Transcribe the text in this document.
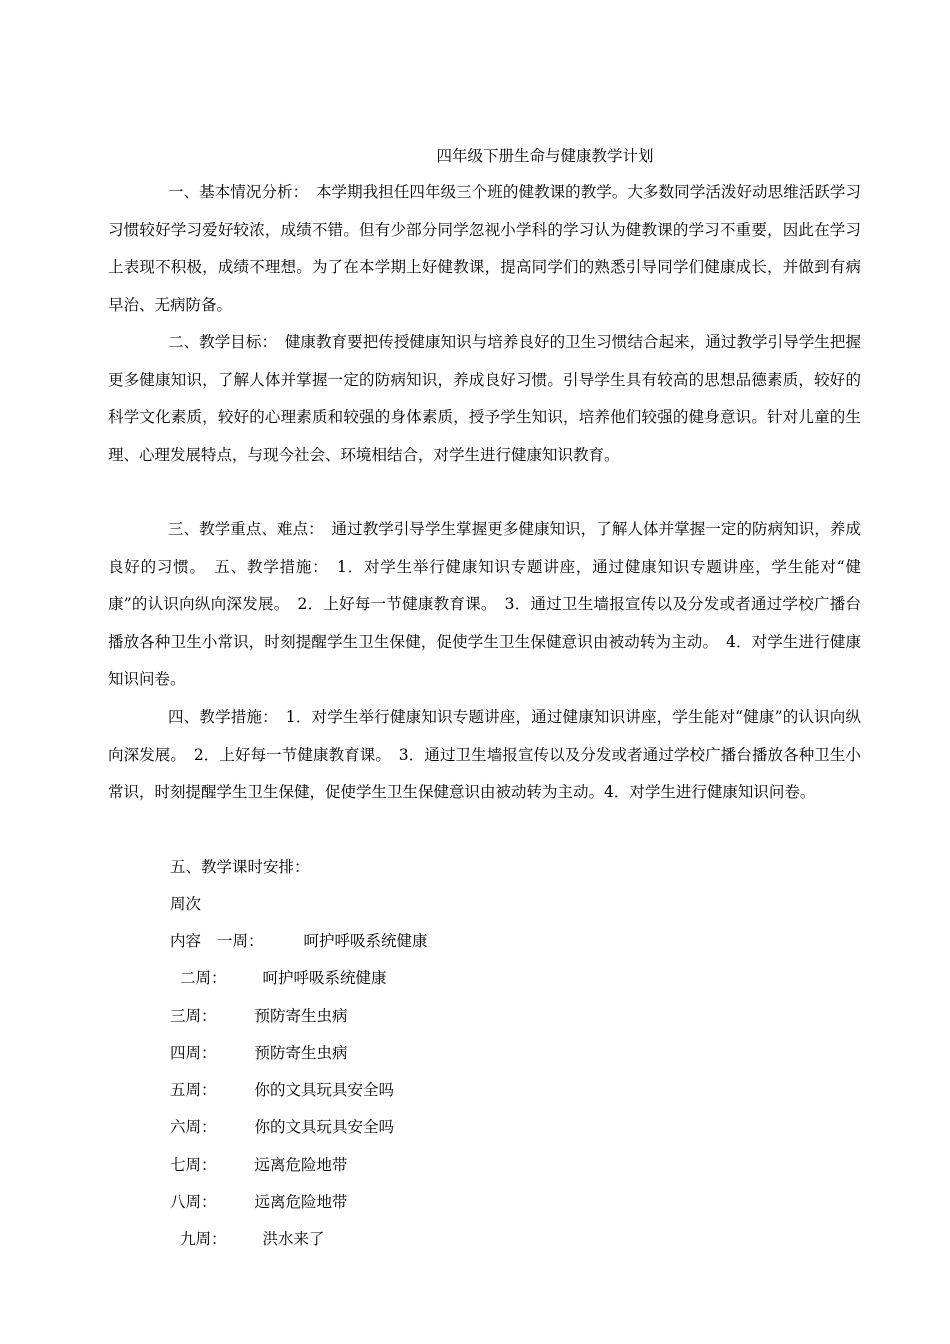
四年级下册生命与健康教学计划

一、基本情况分析：　本学期我担任四年级三个班的健教课的教学。大多数同学活泼好动思维活跃学习习惯较好学习爱好较浓，成绩不错。但有少部分同学忽视小学科的学习认为健教课的学习不重要，因此在学习上表现不积极，成绩不理想。为了在本学期上好健教课，提高同学们的熟悉引导同学们健康成长，并做到有病早治、无病防备。

二、教学目标：　健康教育要把传授健康知识与培养良好的卫生习惯结合起来，通过教学引导学生把握更多健康知识，了解人体并掌握一定的防病知识，养成良好习惯。引导学生具有较高的思想品德素质，较好的科学文化素质，较好的心理素质和较强的身体素质，授予学生知识，培养他们较强的健身意识。针对儿童的生理、心理发展特点，与现今社会、环境相结合，对学生进行健康知识教育。

三、教学重点、难点：　通过教学引导学生掌握更多健康知识，了解人体并掌握一定的防病知识，养成良好的习惯。　五、教学措施：　1．对学生举行健康知识专题讲座，通过健康知识专题讲座，学生能对“健康”的认识向纵向深发展。　2．上好每一节健康教育课。　3．通过卫生墙报宣传以及分发或者通过学校广播台播放各种卫生小常识，时刻提醒学生卫生保健，促使学生卫生保健意识由被动转为主动。　4．对学生进行健康知识问卷。

四、教学措施：　1．对学生举行健康知识专题讲座，通过健康知识讲座，学生能对“健康”的认识向纵向深发展。　2．上好每一节健康教育课。　3．通过卫生墙报宣传以及分发或者通过学校广播台播放各种卫生小常识，时刻提醒学生卫生保健，促使学生卫生保健意识由被动转为主动。4．对学生进行健康知识问卷。

五、教学课时安排：
周次
内容 一周：	呵护呼吸系统健康
二周： 呵护呼吸系统健康
三周： 预防寄生虫病
四周： 预防寄生虫病
五周： 你的文具玩具安全吗
六周： 你的文具玩具安全吗
七周： 远离危险地带
八周： 远离危险地带
九周： 洪水来了
